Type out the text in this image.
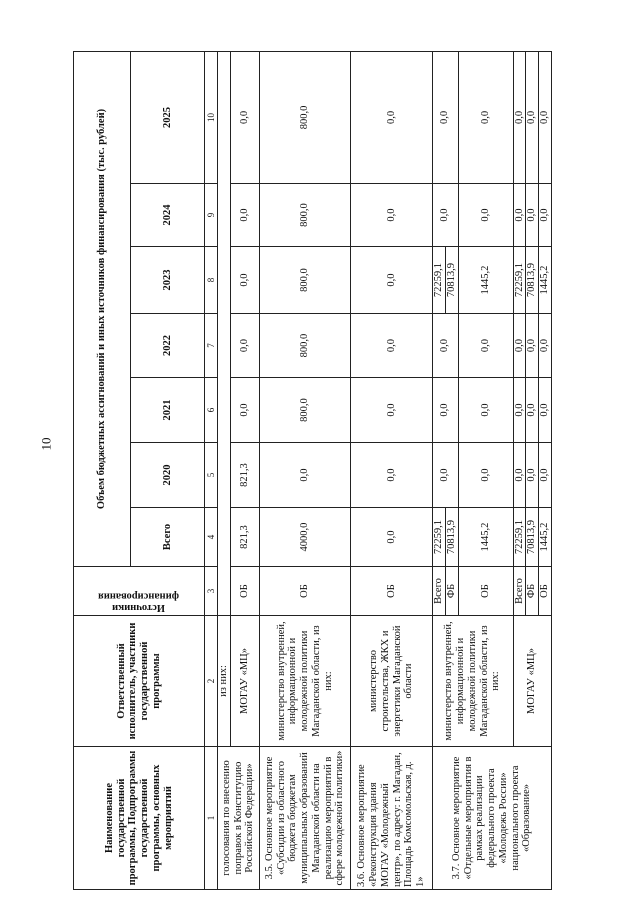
10
Наименование государственной программы, Подпрограммы государственной программы, основных мероприятий	Ответственный исполнитель, участники государственной программы	Источники финансирования	Объем бюджетных ассигнований и иных источников финансирования (тыс. рублей)						
			Всего	2020	2021	2022	2023	2024	2025
1	2	3	4	5	6	7	8	9	10
голосования по внесению поправок в Конституцию Российской Федерации»	из них:								
	МОГАУ «МЦ»	ОБ	821,3	821,3	0,0	0,0	0,0	0,0	0,0
3.5. Основное мероприятие «Субсидии из областного бюджета бюджетам муниципальных образований Магаданской области на реализацию мероприятий в сфере молодежной политики»	министерство внутренней, информационной и молодежной политики Магаданской области, из них:	ОБ	4000,0	0,0	800,0	800,0	800,0	800,0	800,0
3.6. Основное мероприятие «Реконструкция здания МОГАУ «Молодежный центр», по адресу: г. Магадан, Площадь Комсомольская, д. 1»	министерство строительства, ЖКХ и энергетики Магаданской области	ОБ	0,0	0,0	0,0	0,0	0,0	0,0	0,0
3.7. Основное мероприятие «Отдельные мероприятия в рамках реализации федерального проекта «Молодежь России» национального проекта «Образование»	министерство внутренней, информационной и молодежной политики Магаданской области, из них:	Всего	72259,1	0,0	0,0	0,0	72259,1	0,0	0,0
		ФБ	70813,9				70813,9		
		ОБ	1445,2	0,0	0,0	0,0	1445,2	0,0	0,0
	МОГАУ «МЦ»	Всего	72259,1	0,0	0,0	0,0	72259,1	0,0	0,0
		ФБ	70813,9	0,0	0,0	0,0	70813,9	0,0	0,0
		ОБ	1445,2	0,0	0,0	0,0	1445,2	0,0	0,0
